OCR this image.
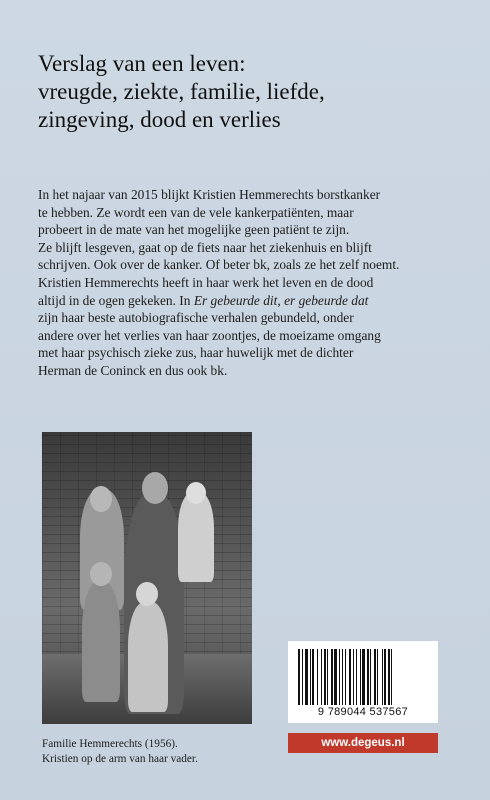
Verslag van een leven:
vreugde, ziekte, familie, liefde,
zingeving, dood en verlies
In het najaar van 2015 blijkt Kristien Hemmerechts borstkanker
te hebben. Ze wordt een van de vele kankerpatiënten, maar
probeert in de mate van het mogelijke geen patiënt te zijn.
Ze blijft lesgeven, gaat op de fiets naar het ziekenhuis en blijft
schrijven. Ook over de kanker. Of beter bk, zoals ze het zelf noemt.
Kristien Hemmerechts heeft in haar werk het leven en de dood
altijd in de ogen gekeken. In Er gebeurde dit, er gebeurde dat
zijn haar beste autobiografische verhalen gebundeld, onder
andere over het verlies van haar zoontjes, de moeizame omgang
met haar psychisch zieke zus, haar huwelijk met de dichter
Herman de Coninck en dus ook bk.
Familie Hemmerechts (1956).
Kristien op de arm van haar vader.
9 789044 537567
www.degeus.nl
